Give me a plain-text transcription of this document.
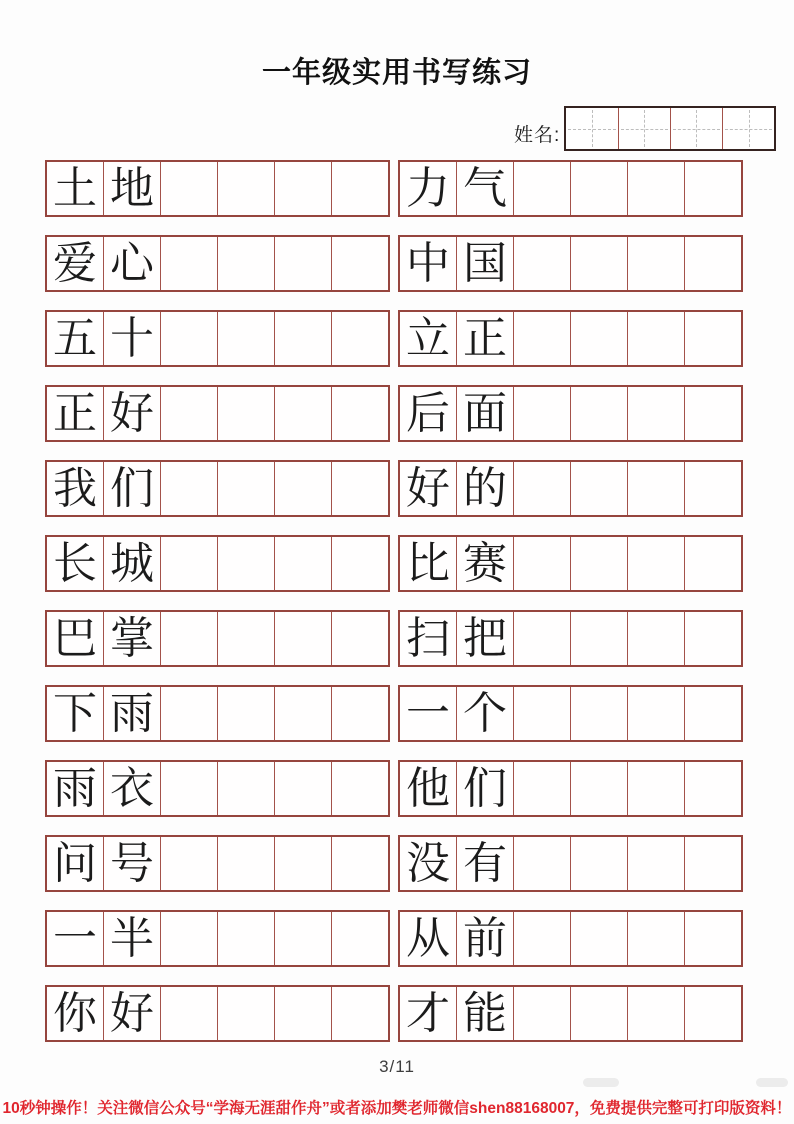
一年级实用书写练习
姓名:
土 地
爱 心
五 十
正 好
我 们
长 城
巴 掌
下 雨
雨 衣
问 号
一 半
你 好
力 气
中 国
立 正
后 面
好 的
比 赛
扫 把
一 个
他 们
没 有
从 前
才 能
3/11
10秒钟操作！关注微信公众号“学海无涯甜作舟”或者添加樊老师微信shen88168007，免费提供完整可打印版资料！
